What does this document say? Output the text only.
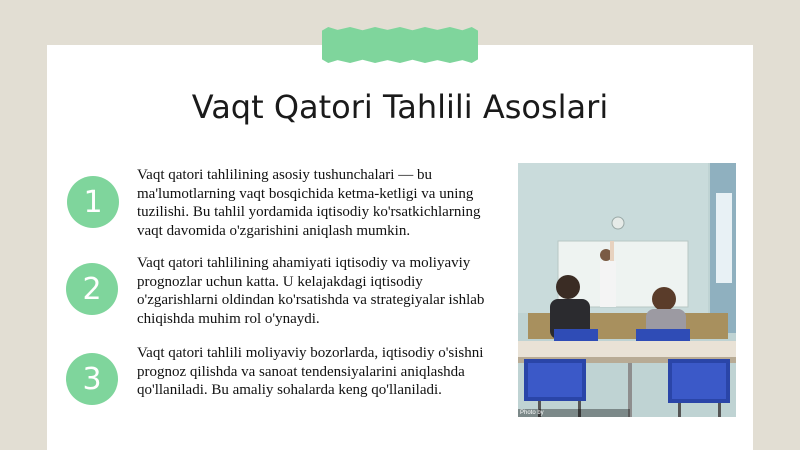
Vaqt Qatori Tahlili Asoslari
1

Vaqt qatori tahlilining asosiy tushunchalari — bu ma'lumotlarning vaqt bosqichida ketma-ketligi va uning tuzilishi. Bu tahlil yordamida iqtisodiy ko'rsatkichlarning vaqt davomida o'zgarishini aniqlash mumkin.

2

Vaqt qatori tahlilining ahamiyati iqtisodiy va moliyaviy prognozlar uchun katta. U kelajakdagi iqtisodiy o'zgarishlarni oldindan ko'rsatishda va strategiyalar ishlab chiqishda muhim rol o'ynaydi.

3

Vaqt qatori tahlili moliyaviy bozorlarda, iqtisodiy o'sishni prognoz qilishda va sanoat tendensiyalarini aniqlashda qo'llaniladi. Bu amaliy sohalarda keng qo'llaniladi.

Photo by
